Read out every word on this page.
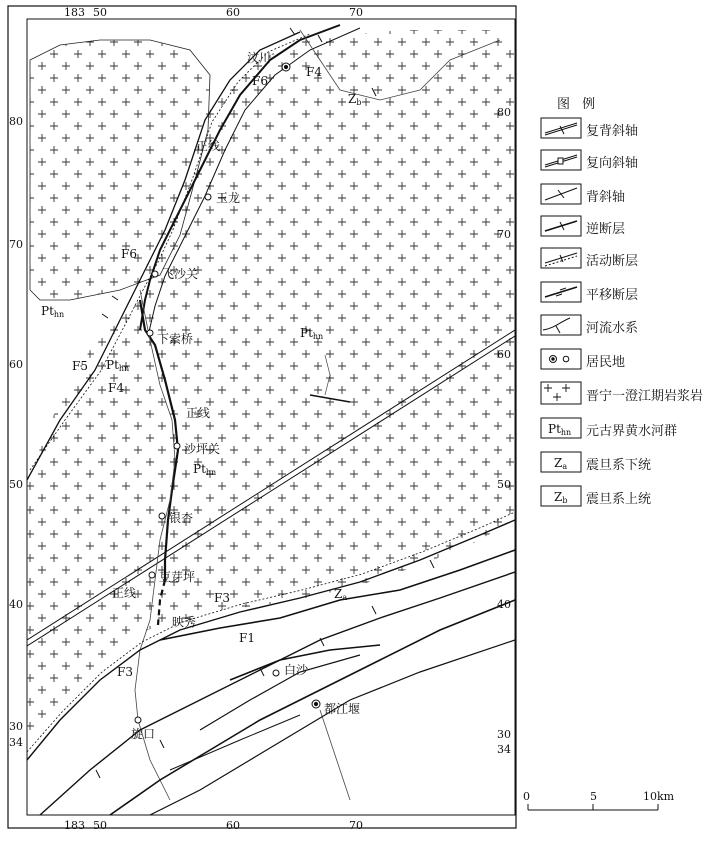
汶川
玉龙
飞沙关
下索桥
沙坪关
银杏
豆芽坪
映秀
白沙
旋口
都江堰
F6
F4
F6
F5
F4
F3
F1
F3
正线
正线
正线
Zb
Za
Pthn
Pthn
Pthn
Pthn
183 50	60	70
183 50	60	70
80
70
60
50
40
30
34
80
70
60
50
40
30
34
Pthn
Za
Zb
0	5	10km
图 例
复背斜轴
复向斜轴
背斜轴
逆断层
活动断层
平移断层
河流水系
居民地
晋宁一澄江期岩浆岩
元古界黄水河群
震旦系下统
震旦系上统
